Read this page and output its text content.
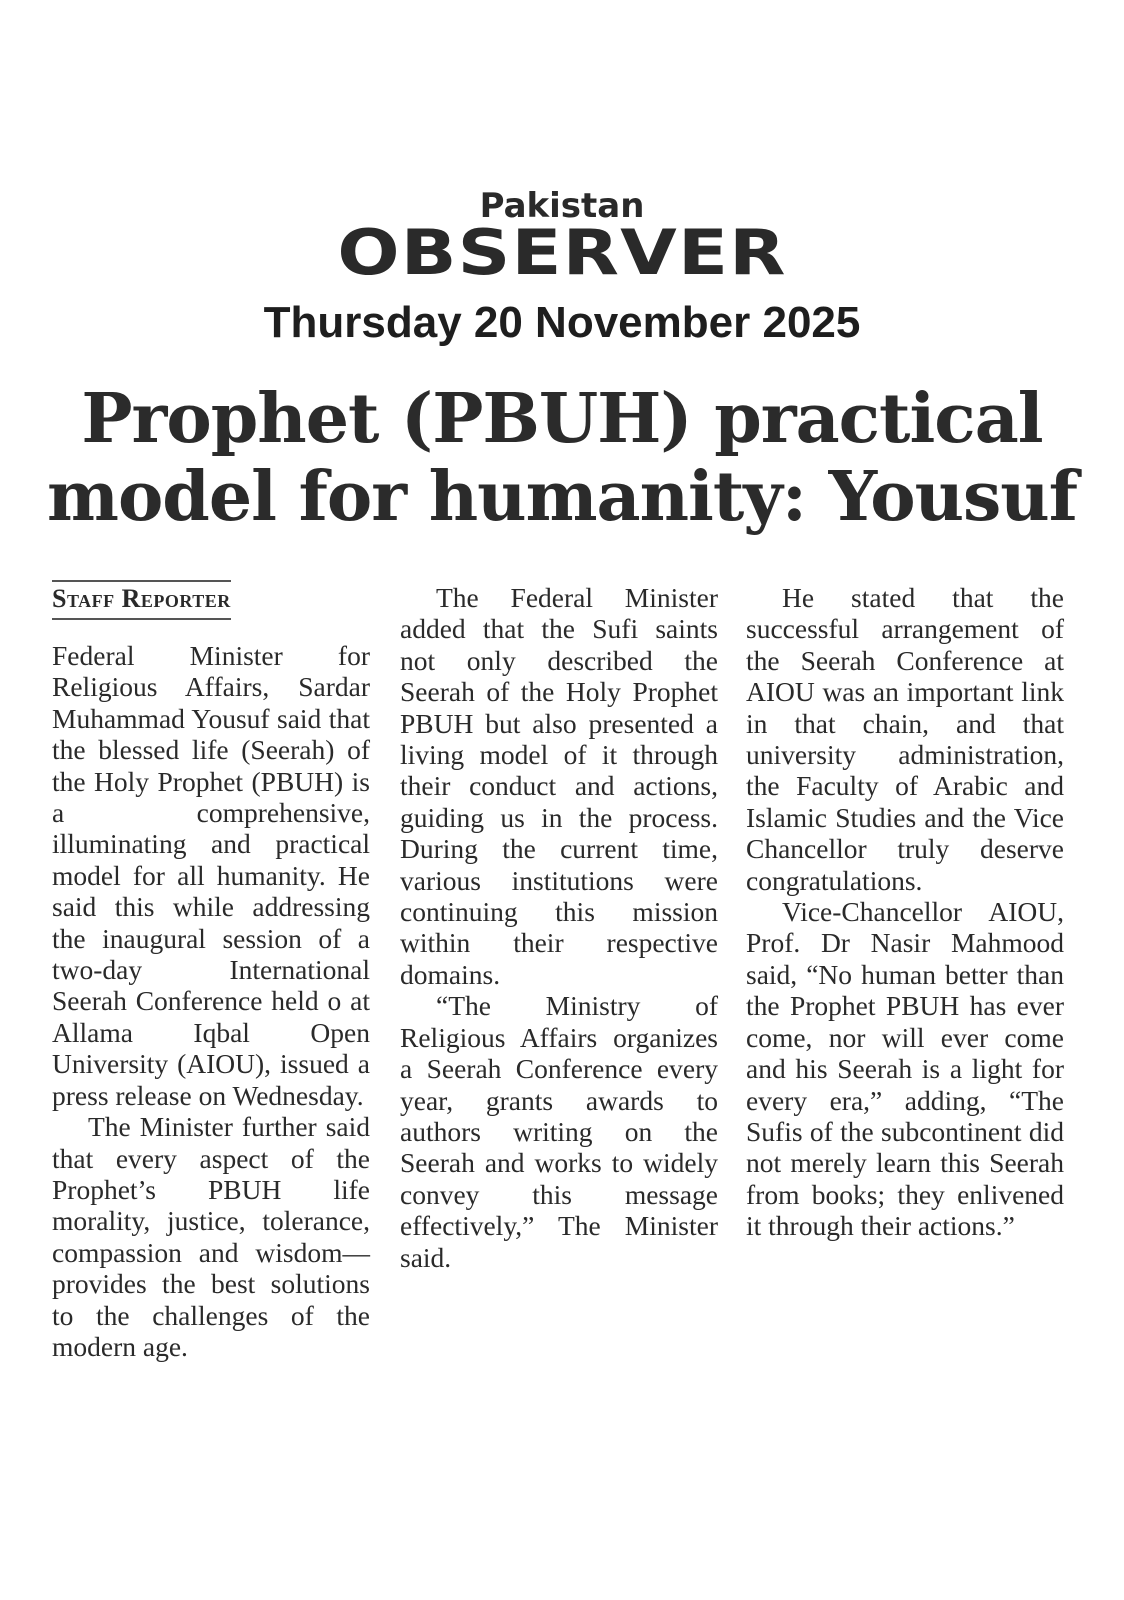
Pakistan
OBSERVER
Thursday 20 November 2025
Prophet (PBUH) practical
model for humanity: Yousuf
Staff Reporter

Federal Minister for Religious Affairs, Sardar Muhammad Yousuf said that the blessed life (Seerah) of the Holy Prophet (PBUH) is a comprehensive, illuminating and practical model for all humanity. He said this while addressing the inaugural session of a two-day International Seerah Conference held o at Allama Iqbal Open University (AIOU), issued a press release on Wednesday.

The Minister further said that every aspect of the Prophet’s PBUH life morality, justice, tolerance, compassion and wisdom—provides the best solutions to the challenges of the modern age.

The Federal Minister added that the Sufi saints not only described the Seerah of the Holy Prophet PBUH but also presented a living model of it through their conduct and actions, guiding us in the process. During the current time, various institutions were continuing this mission within their respective domains.

“The Ministry of Religious Affairs organizes a Seerah Conference every year, grants awards to authors writing on the Seerah and works to widely convey this message effectively,” The Minister said.

He stated that the successful arrangement of the Seerah Conference at AIOU was an important link in that chain, and that university administration, the Faculty of Arabic and Islamic Studies and the Vice Chancellor truly deserve congratulations.

Vice-Chancellor AIOU, Prof. Dr Nasir Mahmood said, “No human better than the Prophet PBUH has ever come, nor will ever come and his Seerah is a light for every era,” adding, “The Sufis of the subcontinent did not merely learn this Seerah from books; they enlivened it through their actions.”
